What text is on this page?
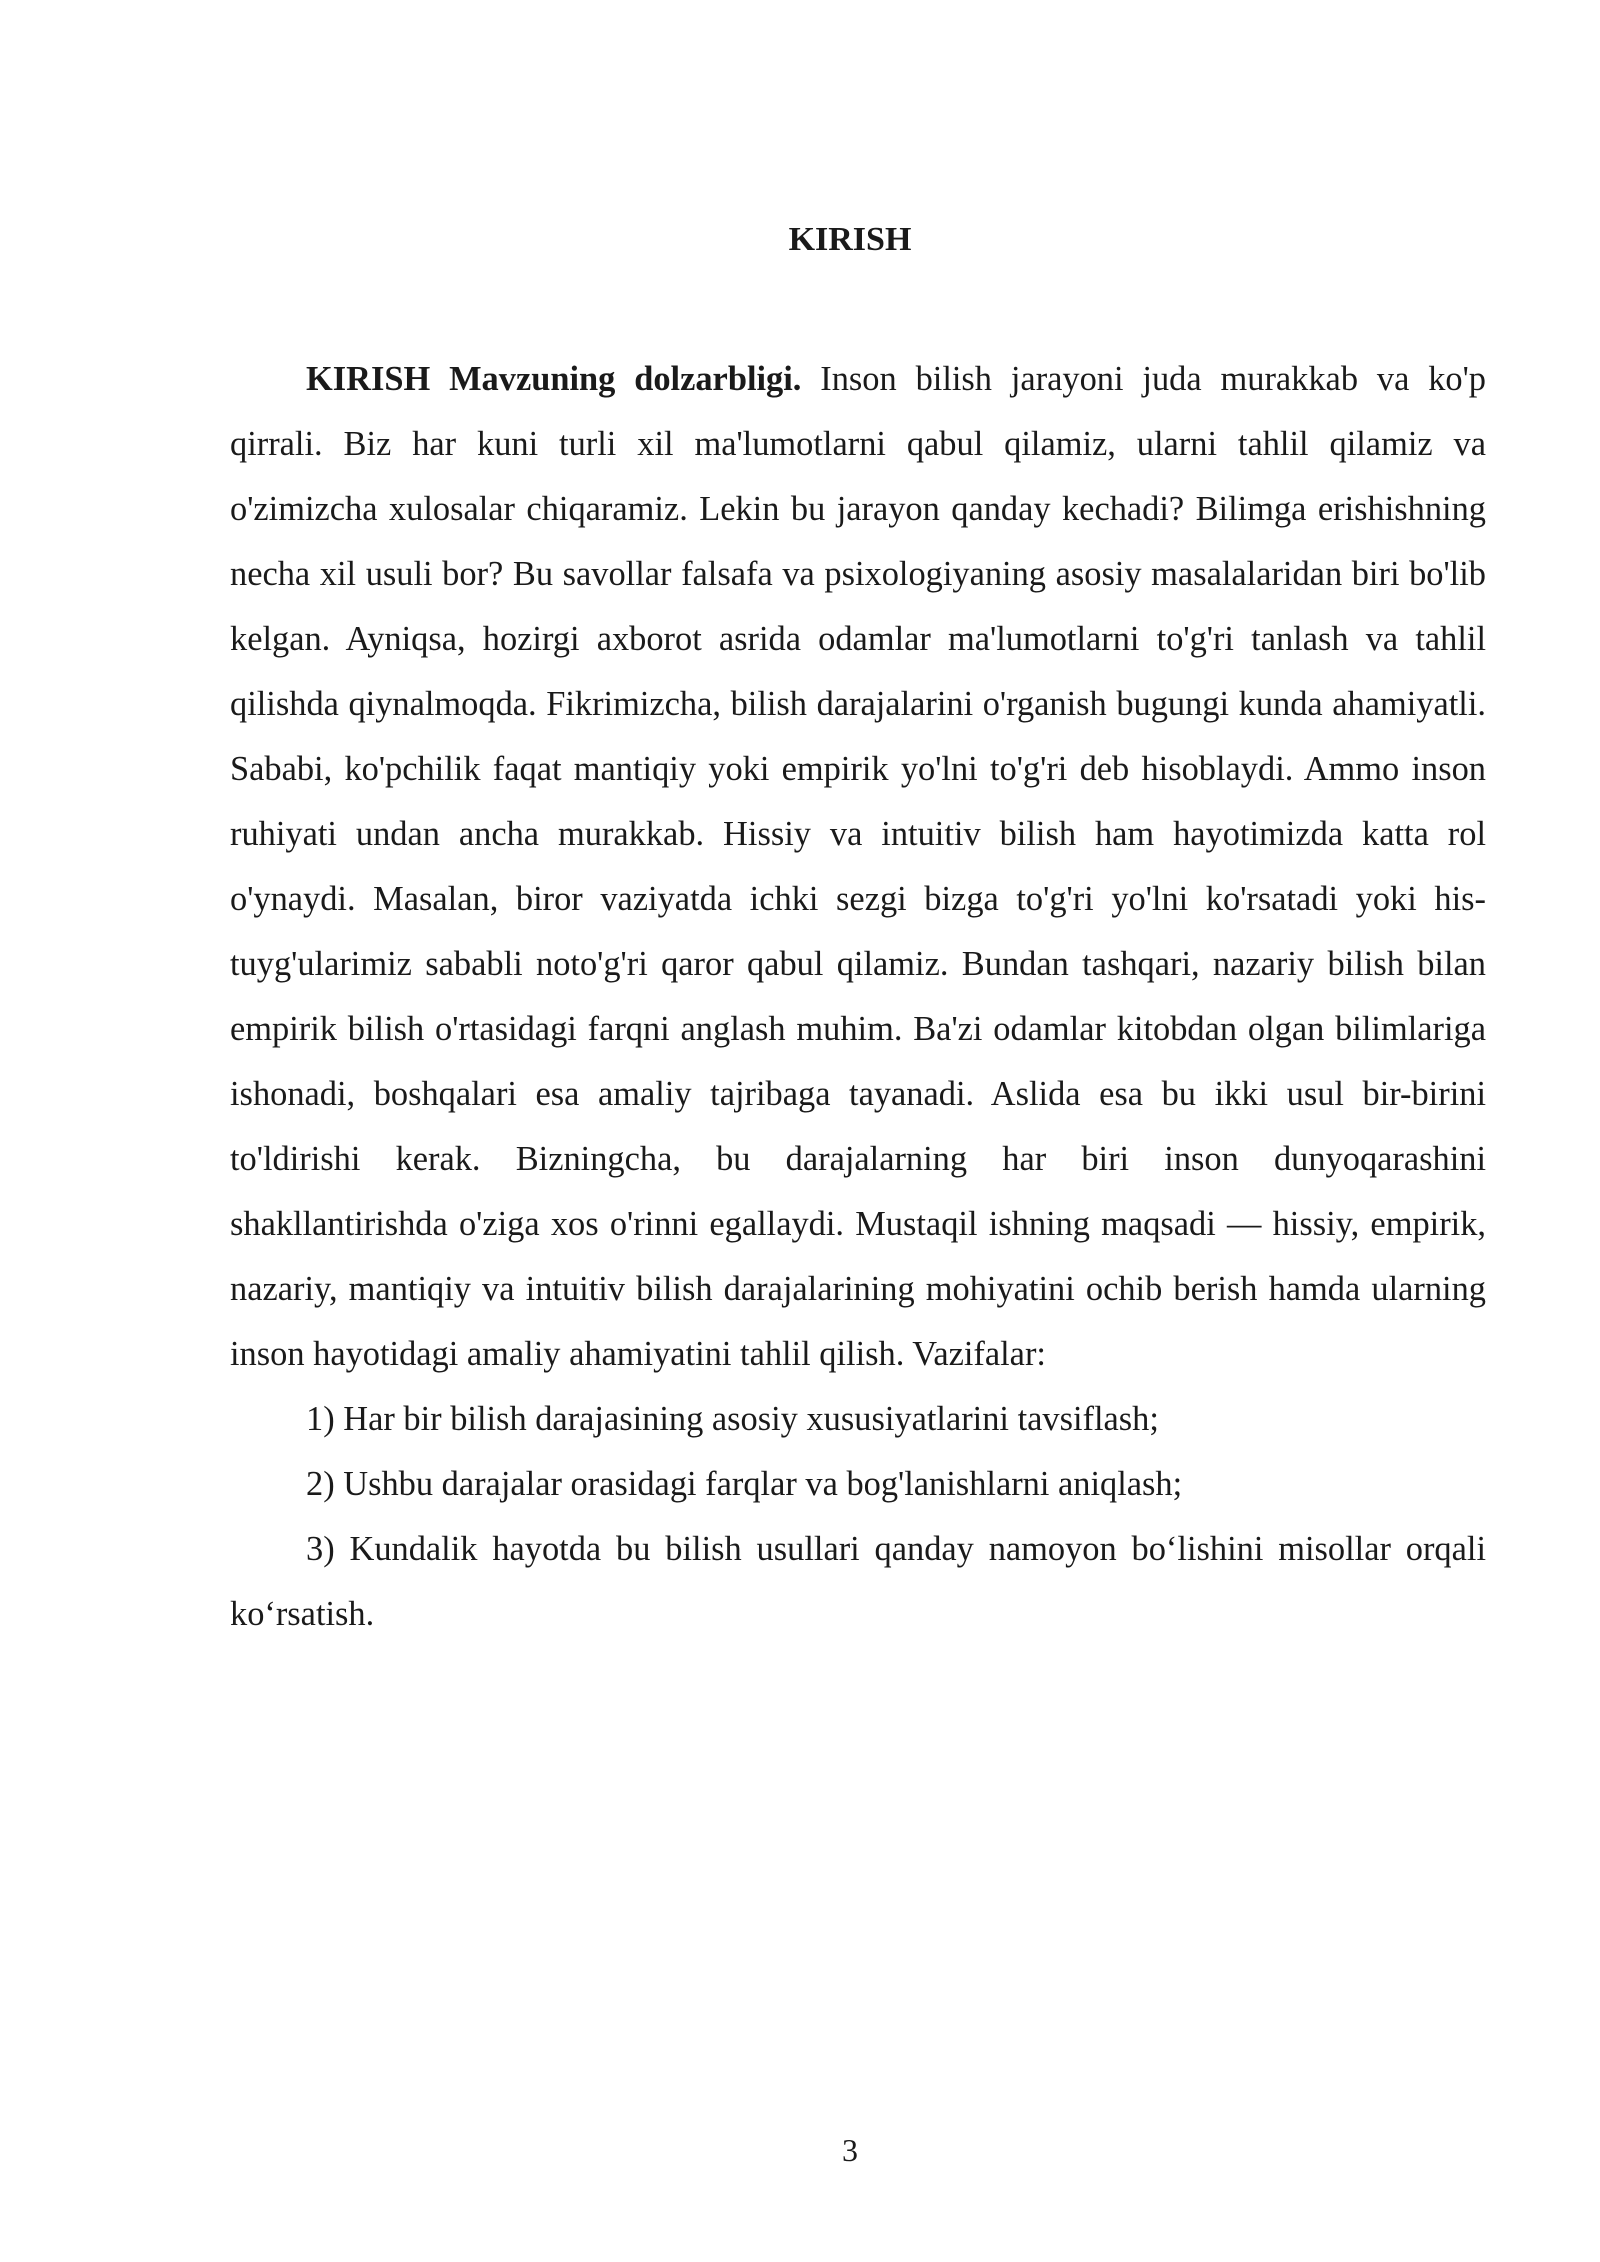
KIRISH

KIRISH Mavzuning dolzarbligi. Inson bilish jarayoni juda murakkab va ko'p qirrali. Biz har kuni turli xil ma'lumotlarni qabul qilamiz, ularni tahlil qilamiz va o'zimizcha xulosalar chiqaramiz. Lekin bu jarayon qanday kechadi? Bilimga erishishning necha xil usuli bor? Bu savollar falsafa va psixologiyaning asosiy masalalaridan biri bo'lib kelgan. Ayniqsa, hozirgi axborot asrida odamlar ma'lumotlarni to'g'ri tanlash va tahlil qilishda qiynalmoqda. Fikrimizcha, bilish darajalarini o'rganish bugungi kunda ahamiyatli. Sababi, ko'pchilik faqat mantiqiy yoki empirik yo'lni to'g'ri deb hisoblaydi. Ammo inson ruhiyati undan ancha murakkab. Hissiy va intuitiv bilish ham hayotimizda katta rol o'ynaydi. Masalan, biror vaziyatda ichki sezgi bizga to'g'ri yo'lni ko'rsatadi yoki his-tuyg'ularimiz sababli noto'g'ri qaror qabul qilamiz. Bundan tashqari, nazariy bilish bilan empirik bilish o'rtasidagi farqni anglash muhim. Ba'zi odamlar kitobdan olgan bilimlariga ishonadi, boshqalari esa amaliy tajribaga tayanadi. Aslida esa bu ikki usul bir-birini to'ldirishi kerak. Bizningcha, bu darajalarning har biri inson dunyoqarashini shakllantirishda o'ziga xos o'rinni egallaydi. Mustaqil ishning maqsadi — hissiy, empirik, nazariy, mantiqiy va intuitiv bilish darajalarining mohiyatini ochib berish hamda ularning inson hayotidagi amaliy ahamiyatini tahlil qilish. Vazifalar:

1) Har bir bilish darajasining asosiy xususiyatlarini tavsiflash;

2) Ushbu darajalar orasidagi farqlar va bog'lanishlarni aniqlash;

3) Kundalik hayotda bu bilish usullari qanday namoyon bo‘lishini misollar orqali ko‘rsatish.

3
